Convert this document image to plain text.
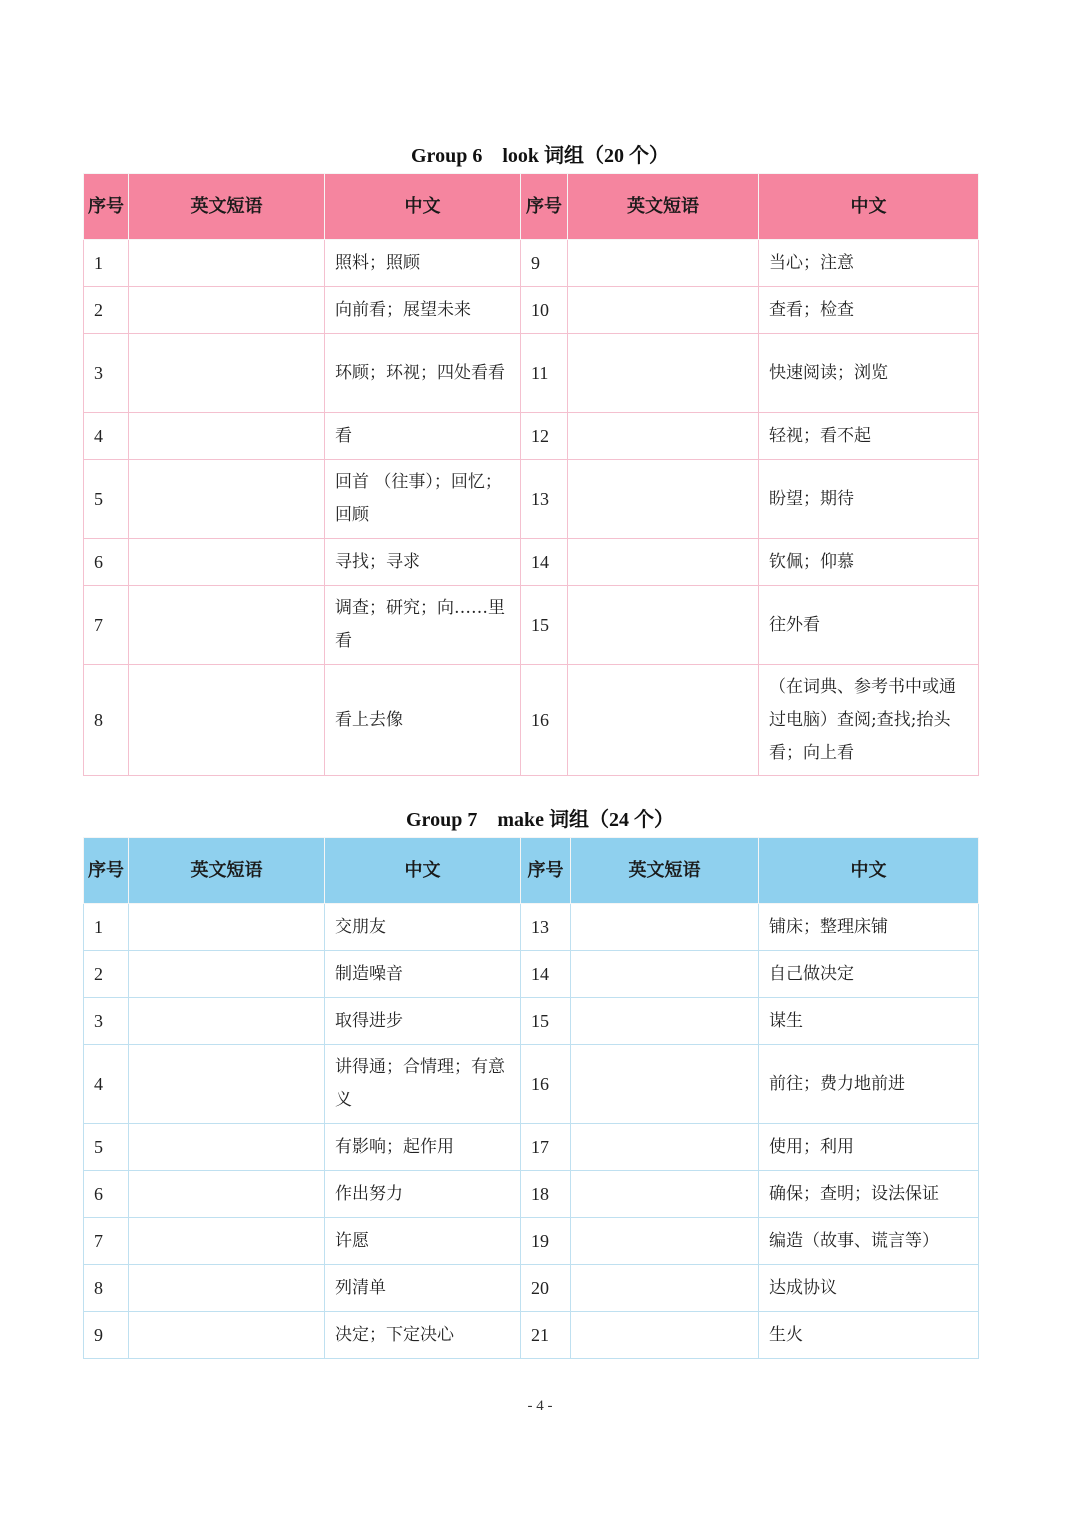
Group 6　look 词组（20 个）
序号	英文短语	中文	序号	英文短语	中文
1		照料；照顾	9		当心；注意
2		向前看；展望未来	10		查看；检查
3		环顾；环视；四处看看	11		快速阅读；浏览
4		看	12		轻视；看不起
5		回首 （往事）；回忆；回顾	13		盼望；期待
6		寻找；寻求	14		钦佩；仰慕
7		调查；研究；向……里看	15		往外看
8		看上去像	16		（在词典、参考书中或通过电脑）查阅;查找;抬头看；向上看
Group 7　make 词组（24 个）
序号	英文短语	中文	序号	英文短语	中文
1		交朋友	13		铺床；整理床铺
2		制造噪音	14		自己做决定
3		取得进步	15		谋生
4		讲得通；合情理；有意义	16		前往；费力地前进
5		有影响；起作用	17		使用；利用
6		作出努力	18		确保；查明；设法保证
7		许愿	19		编造（故事、谎言等）
8		列清单	20		达成协议
9		决定；下定决心	21		生火
- 4 -
